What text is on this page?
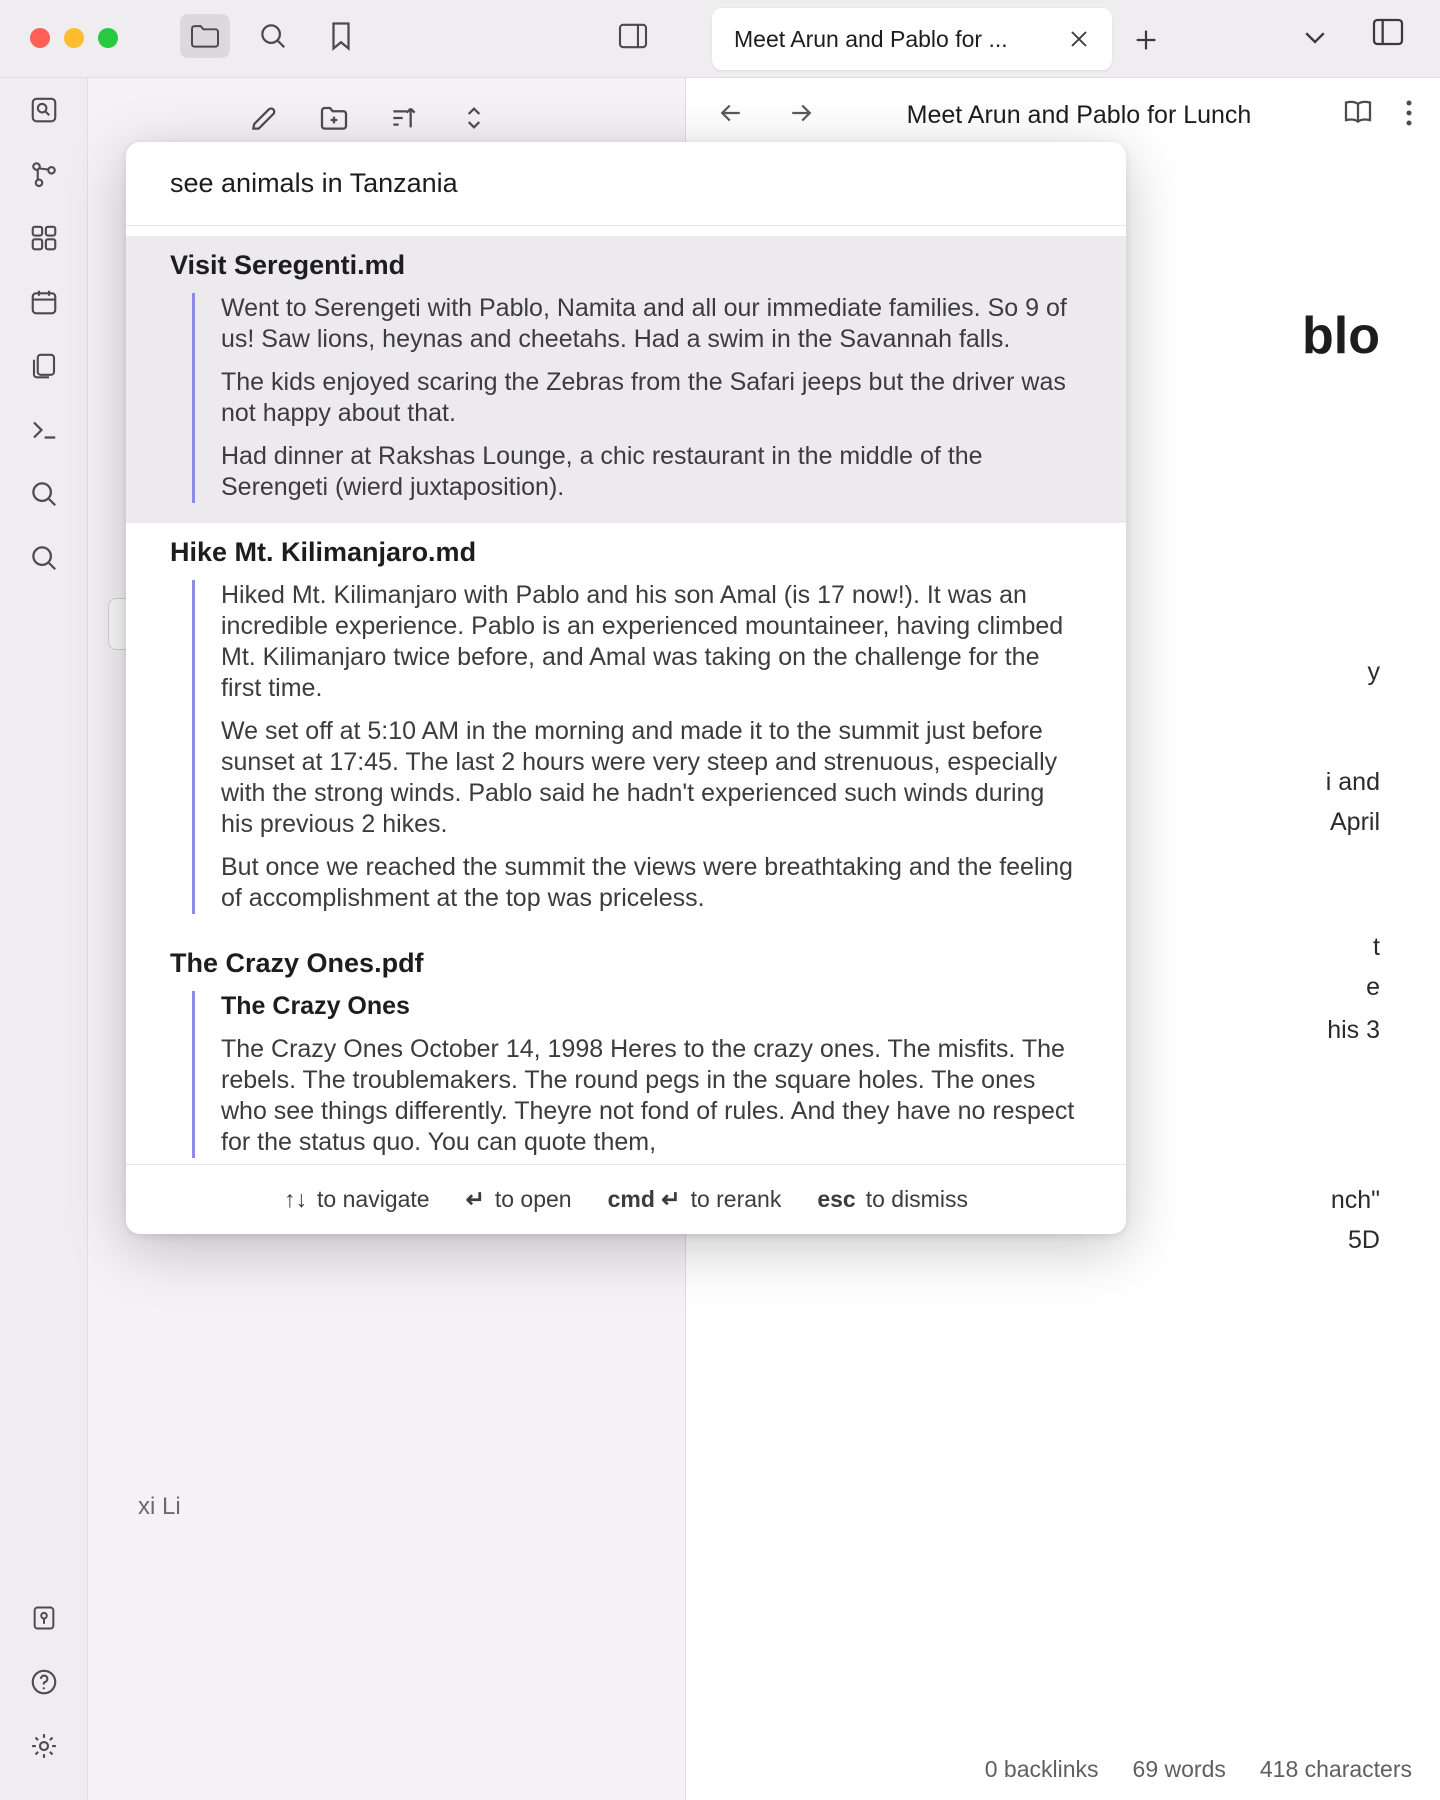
Meet Arun and Pablo for ...
xi Li
Meet Arun and Pablo for Lunch
blo
y
i and
April
t
e
his 3
nch"
5D
0 backlinks 69 words 418 characters
see animals in Tanzania
Visit Seregenti.md
Went to Serengeti with Pablo, Namita and all our immediate families. So 9 of us! Saw lions, heynas and cheetahs. Had a swim in the Savannah falls.
The kids enjoyed scaring the Zebras from the Safari jeeps but the driver was not happy about that.
Had dinner at Rakshas Lounge, a chic restaurant in the middle of the Serengeti (wierd juxtaposition).
Hike Mt. Kilimanjaro.md
Hiked Mt. Kilimanjaro with Pablo and his son Amal (is 17 now!). It was an incredible experience. Pablo is an experienced mountaineer, having climbed Mt. Kilimanjaro twice before, and Amal was taking on the challenge for the first time.
We set off at 5:10 AM in the morning and made it to the summit just before sunset at 17:45. The last 2 hours were very steep and strenuous, especially with the strong winds. Pablo said he hadn't experienced such winds during his previous 2 hikes.
But once we reached the summit the views were breathtaking and the feeling of accomplishment at the top was priceless.
The Crazy Ones.pdf
The Crazy Ones
The Crazy Ones October 14, 1998 Heres to the crazy ones. The misfits. The rebels. The troublemakers. The round pegs in the square holes. The ones who see things differently. Theyre not fond of rules. And they have no respect for the status quo. You can quote them,
↑↓ to navigate ↵ to open cmd ↵ to rerank esc to dismiss
